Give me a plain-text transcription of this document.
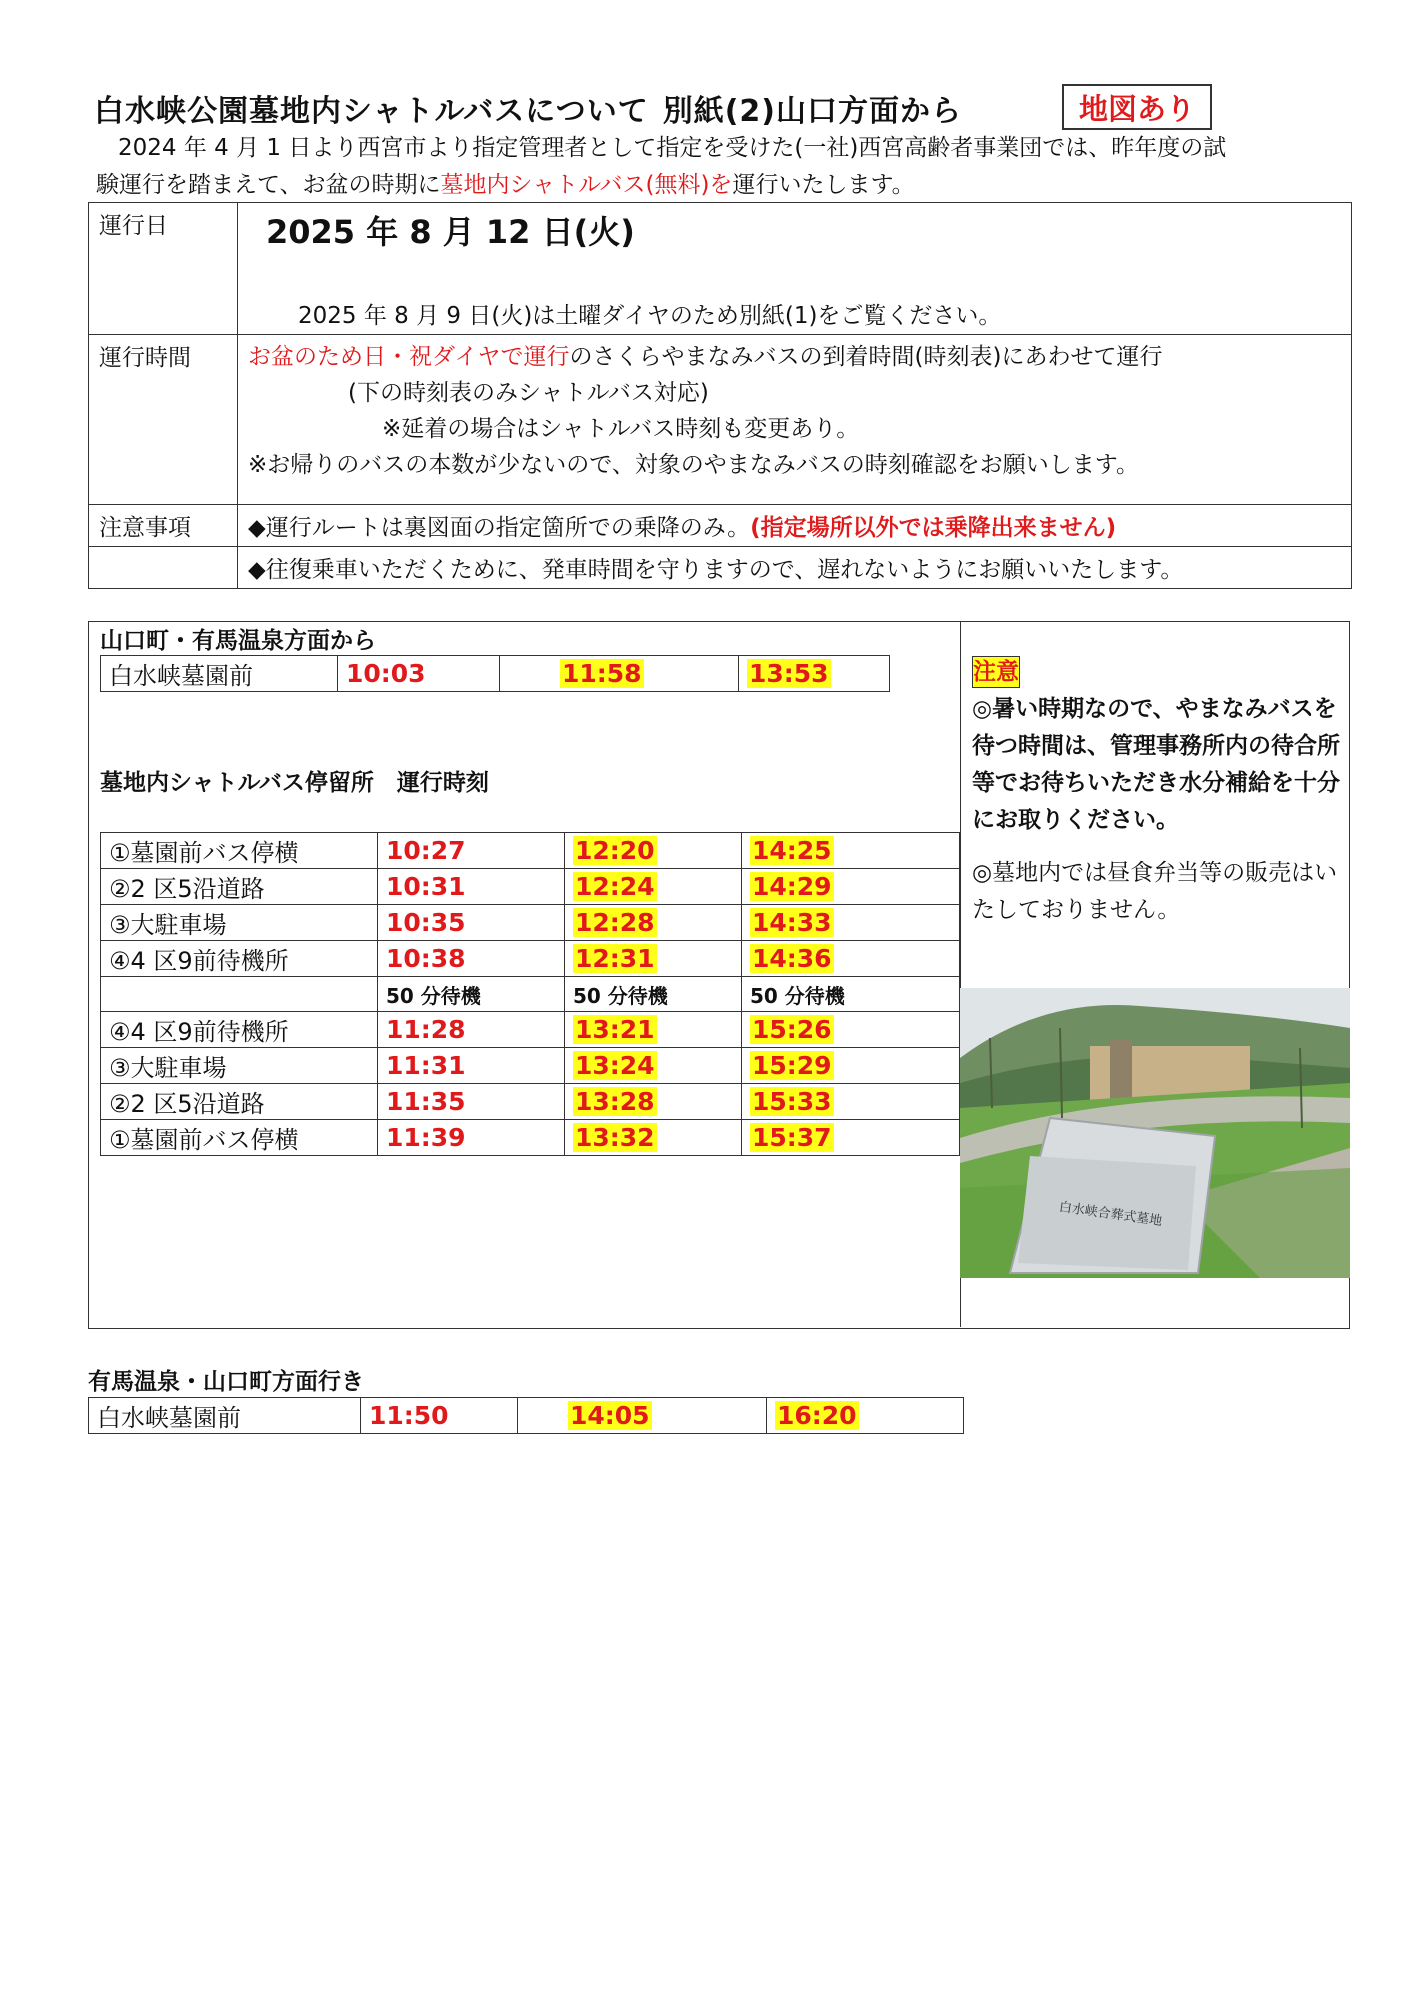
白水峡公園墓地内シャトルバスについて 別紙(2)山口方面から	地図あり
2024 年 4 月 1 日より西宮市より指定管理者として指定を受けた(一社)西宮高齢者事業団では、昨年度の試
験運行を踏まえて、お盆の時期に墓地内シャトルバス(無料)を運行いたします。
運行日	2025 年 8 月 12 日(火)
2025 年 8 月 9 日(火)は土曜ダイヤのため別紙(1)をご覧ください。

運行時間	お盆のため日・祝ダイヤで運行のさくらやまなみバスの到着時間(時刻表)にあわせて運行
(下の時刻表のみシャトルバス対応)
※延着の場合はシャトルバス時刻も変更あり。
※お帰りのバスの本数が少ないので、対象のやまなみバスの時刻確認をお願いします。

注意事項	◆運行ルートは裏図面の指定箇所での乗降のみ。(指定場所以外では乗降出来ません)
	◆往復乗車いただくために、発車時間を守りますので、遅れないようにお願いいたします。
山口町・有馬温泉方面から
白水峡墓園前	10:03	11:58	13:53
墓地内シャトルバス停留所　運行時刻
①墓園前バス停横	10:27	12:20	14:25
②2 区5沿道路	10:31	12:24	14:29
③大駐車場	10:35	12:28	14:33
④4 区9前待機所	10:38	12:31	14:36
	50 分待機	50 分待機	50 分待機
④4 区9前待機所	11:28	13:21	15:26
③大駐車場	11:31	13:24	15:29
②2 区5沿道路	11:35	13:28	15:33
①墓園前バス停横	11:39	13:32	15:37
注意
◎暑い時期なので、やまなみバスを待つ時間は、管理事務所内の待合所等でお待ちいただき水分補給を十分にお取りください。
◎墓地内では昼食弁当等の販売はいたしておりません。
白水峡合葬式墓地
有馬温泉・山口町方面行き
白水峡墓園前	11:50	14:05	16:20
